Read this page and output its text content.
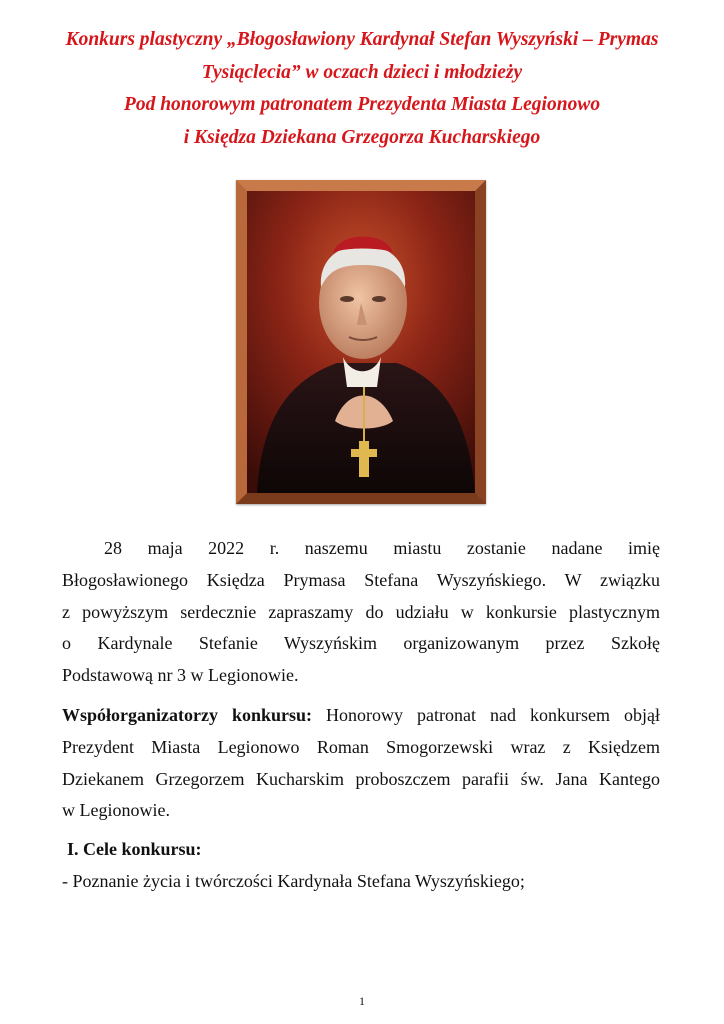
Konkurs plastyczny „Błogosławiony Kardynał Stefan Wyszyński – Prymas
Tysiąclecia” w oczach dzieci i młodzieży
Pod honorowym patronatem Prezydenta Miasta Legionowo
i Księdza Dziekana Grzegorza Kucharskiego
28 maja 2022 r. naszemu miastu zostanie nadane imię
Błogosławionego Księdza Prymasa Stefana Wyszyńskiego. W związku
z powyższym serdecznie zapraszamy do udziału w konkursie plastycznym
o Kardynale Stefanie Wyszyńskim organizowanym przez Szkołę
Podstawową nr 3 w Legionowie.
Współorganizatorzy konkursu: Honorowy patronat nad konkursem objął
Prezydent Miasta Legionowo Roman Smogorzewski wraz z Księdzem
Dziekanem Grzegorzem Kucharskim proboszczem parafii św. Jana Kantego
w Legionowie.
I. Cele konkursu:
- Poznanie życia i twórczości Kardynała Stefana Wyszyńskiego;
1
